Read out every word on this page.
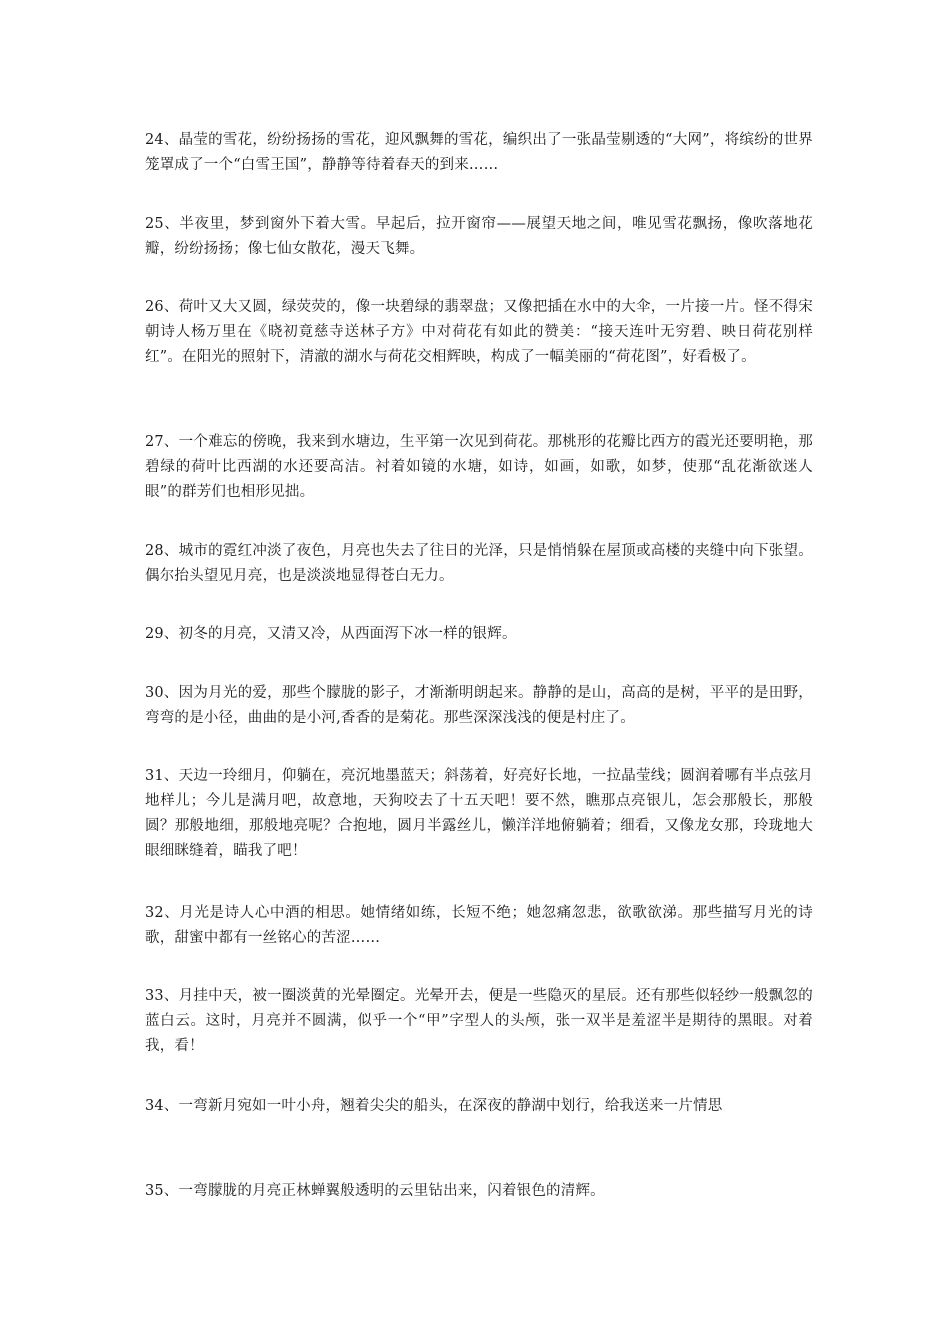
24、晶莹的雪花，纷纷扬扬的雪花，迎风飘舞的雪花，编织出了一张晶莹剔透的“大网”，将缤纷的世界笼罩成了一个“白雪王国”，静静等待着春天的到来……

25、半夜里，梦到窗外下着大雪。早起后，拉开窗帘——展望天地之间，唯见雪花飘扬，像吹落地花瓣，纷纷扬扬；像七仙女散花，漫天飞舞。

26、荷叶又大又圆，绿荧荧的，像一块碧绿的翡翠盘；又像把插在水中的大伞，一片接一片。怪不得宋朝诗人杨万里在《晓初竟慈寺送林子方》中对荷花有如此的赞美：“接天连叶无穷碧、映日荷花别样红”。在阳光的照射下，清澈的湖水与荷花交相辉映，构成了一幅美丽的“荷花图”，好看极了。

27、一个难忘的傍晚，我来到水塘边，生平第一次见到荷花。那桃形的花瓣比西方的霞光还要明艳，那碧绿的荷叶比西湖的水还要高洁。衬着如镜的水塘，如诗，如画，如歌，如梦，使那“乱花渐欲迷人眼”的群芳们也相形见拙。

28、城市的霓红冲淡了夜色，月亮也失去了往日的光泽，只是悄悄躲在屋顶或高楼的夹缝中向下张望。偶尔抬头望见月亮，也是淡淡地显得苍白无力。

29、初冬的月亮，又清又冷，从西面泻下冰一样的银辉。

30、因为月光的爱，那些个朦胧的影子，才渐渐明朗起来。静静的是山，高高的是树，平平的是田野，弯弯的是小径，曲曲的是小河,香香的是菊花。那些深深浅浅的便是村庄了。

31、天边一玲细月，仰躺在，亮沉地墨蓝天；斜荡着，好亮好长地，一拉晶莹线；圆润着哪有半点弦月地样儿；今儿是满月吧，故意地，天狗咬去了十五天吧！要不然，瞧那点亮银儿，怎会那般长，那般圆？那般地细，那般地亮呢？合抱地，圆月半露丝儿，懒洋洋地俯躺着；细看，又像龙女那，玲珑地大眼细眯缝着，瞄我了吧！

32、月光是诗人心中酒的相思。她情绪如练，长短不绝；她忽痛忽悲，欲歌欲涕。那些描写月光的诗歌，甜蜜中都有一丝铭心的苦涩……

33、月挂中天，被一圈淡黄的光晕圈定。光晕开去，便是一些隐灭的星辰。还有那些似轻纱一般飘忽的蓝白云。这时，月亮并不圆满，似乎一个“甲”字型人的头颅，张一双半是羞涩半是期待的黑眼。对着我，看！

34、一弯新月宛如一叶小舟，翘着尖尖的船头，在深夜的静湖中划行，给我送来一片情思

35、一弯朦胧的月亮正林蝉翼般透明的云里钻出来，闪着银色的清辉。
